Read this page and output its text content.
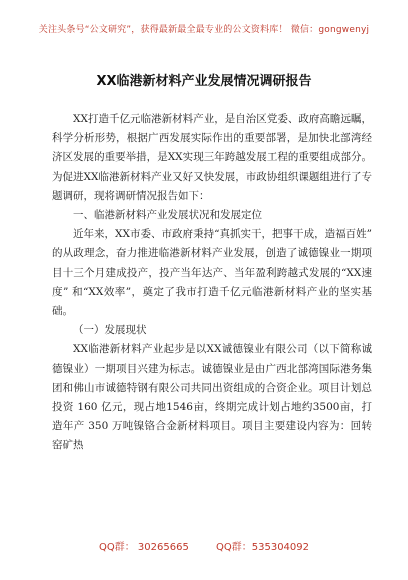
关注头条号“公文研究”，获得最新最全最专业的公文资料库！ 微信：gongwenyj
XX临港新材料产业发展情况调研报告

XX打造千亿元临港新材料产业，是自治区党委、政府高瞻远瞩，科学分析形势，根据广西发展实际作出的重要部署，是加快北部湾经济区发展的重要举措，是XX实现三年跨越发展工程的重要组成部分。为促进XX临港新材料产业又好又快发展，市政协组织课题组进行了专题调研，现将调研情况报告如下：

一、临港新材料产业发展状况和发展定位

近年来，XX市委、市政府秉持“真抓实干，把事干成，造福百姓” 的从政理念，奋力推进临港新材料产业发展，创造了诚德镍业一期项目十三个月建成投产，投产当年达产、当年盈利跨越式发展的“XX速度” 和“XX效率”，奠定了我市打造千亿元临港新材料产业的坚实基础。

（一）发展现状

XX临港新材料产业起步是以XX诚德镍业有限公司（以下简称诚德镍业）一期项目兴建为标志。诚德镍业是由广西北部湾国际港务集团和佛山市诚德特钢有限公司共同出资组成的合资企业。项目计划总投资 160 亿元，现占地1546亩，终期完成计划占地约3500亩，打造年产 350 万吨镍铬合金新材料项目。项目主要建设内容为：回转窑矿热

QQ群： 30265665	QQ群：535304092
